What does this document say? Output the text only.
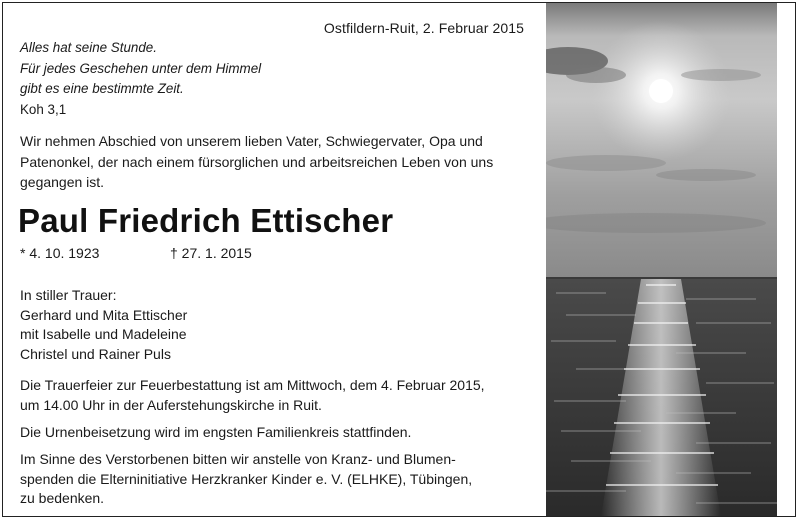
Ostfildern-Ruit, 2. Februar 2015
Alles hat seine Stunde.
Für jedes Geschehen unter dem Himmel
gibt es eine bestimmte Zeit.
Koh 3,1
Wir nehmen Abschied von unserem lieben Vater, Schwiegervater, Opa und
Patenonkel, der nach einem fürsorglichen und arbeitsreichen Leben von uns
gegangen ist.
Paul Friedrich Ettischer
* 4. 10. 1923	† 27. 1. 2015
In stiller Trauer:
Gerhard und Mita Ettischer
mit Isabelle und Madeleine
Christel und Rainer Puls
Die Trauerfeier zur Feuerbestattung ist am Mittwoch, dem 4. Februar 2015,
um 14.00 Uhr in der Auferstehungskirche in Ruit.
Die Urnenbeisetzung wird im engsten Familienkreis stattfinden.
Im Sinne des Verstorbenen bitten wir anstelle von Kranz- und Blumen-
spenden die Elterninitiative Herzkranker Kinder e. V. (ELHKE), Tübingen,
zu bedenken.
